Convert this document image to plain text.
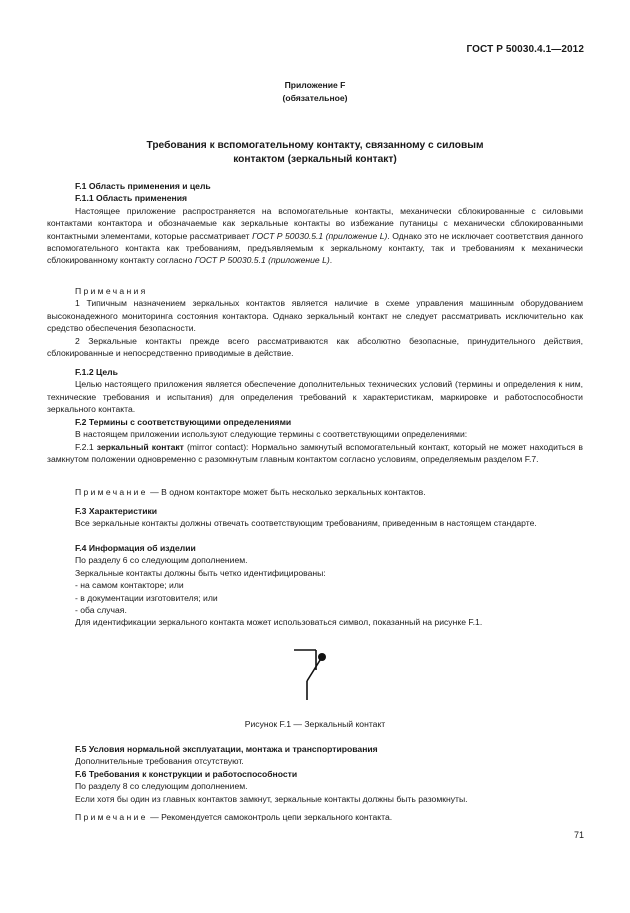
ГОСТ Р 50030.4.1—2012
Приложение F
(обязательное)
Требования к вспомогательному контакту, связанному с силовым
контактом (зеркальный контакт)

F.1 Область применения и цель

F.1.1 Область применения

Настоящее приложение распространяется на вспомогательные контакты, механически сблокированные с силовыми контактами контактора и обозначаемые как зеркальные контакты во избежание путаницы с механически сблокированными контактными элементами, которые рассматривает ГОСТ Р 50030.5.1 (приложение L). Однако это не исключает соответствия данного вспомогательного контакта как требованиям, предъявляемым к зеркальному контакту, так и требованиям к механически сблокированному контакту согласно ГОСТ Р 50030.5.1 (приложение L).

Примечания

1 Типичным назначением зеркальных контактов является наличие в схеме управления машинным оборудованием высоконадежного мониторинга состояния контактора. Однако зеркальный контакт не следует рассматривать исключительно как средство обеспечения безопасности.

2 Зеркальные контакты прежде всего рассматриваются как абсолютно безопасные, принудительного действия, сблокированные и непосредственно приводимые в действие.

F.1.2 Цель

Целью настоящего приложения является обеспечение дополнительных технических условий (термины и определения к ним, технические требования и испытания) для определения требований к характеристикам, маркировке и работоспособности зеркального контакта.

F.2 Термины с соответствующими определениями

В настоящем приложении используют следующие термины с соответствующими определениями:

F.2.1 зеркальный контакт (mirror contact): Нормально замкнутый вспомогательный контакт, который не может находиться в замкнутом положении одновременно с разомкнутым главным контактом согласно условиям, определяемым разделом F.7.

Примечание — В одном контакторе может быть несколько зеркальных контактов.

F.3 Характеристики

Все зеркальные контакты должны отвечать соответствующим требованиям, приведенным в настоящем стандарте.

F.4 Информация об изделии

По разделу 6 со следующим дополнением.

Зеркальные контакты должны быть четко идентифицированы:

- на самом контакторе; или

- в документации изготовителя; или

- оба случая.

Для идентификации зеркального контакта может использоваться символ, показанный на рисунке F.1.

Рисунок F.1 — Зеркальный контакт

F.5 Условия нормальной эксплуатации, монтажа и транспортирования

Дополнительные требования отсутствуют.

F.6 Требования к конструкции и работоспособности

По разделу 8 со следующим дополнением.

Если хотя бы один из главных контактов замкнут, зеркальные контакты должны быть разомкнуты.

Примечание — Рекомендуется самоконтроль цепи зеркального контакта.

71
